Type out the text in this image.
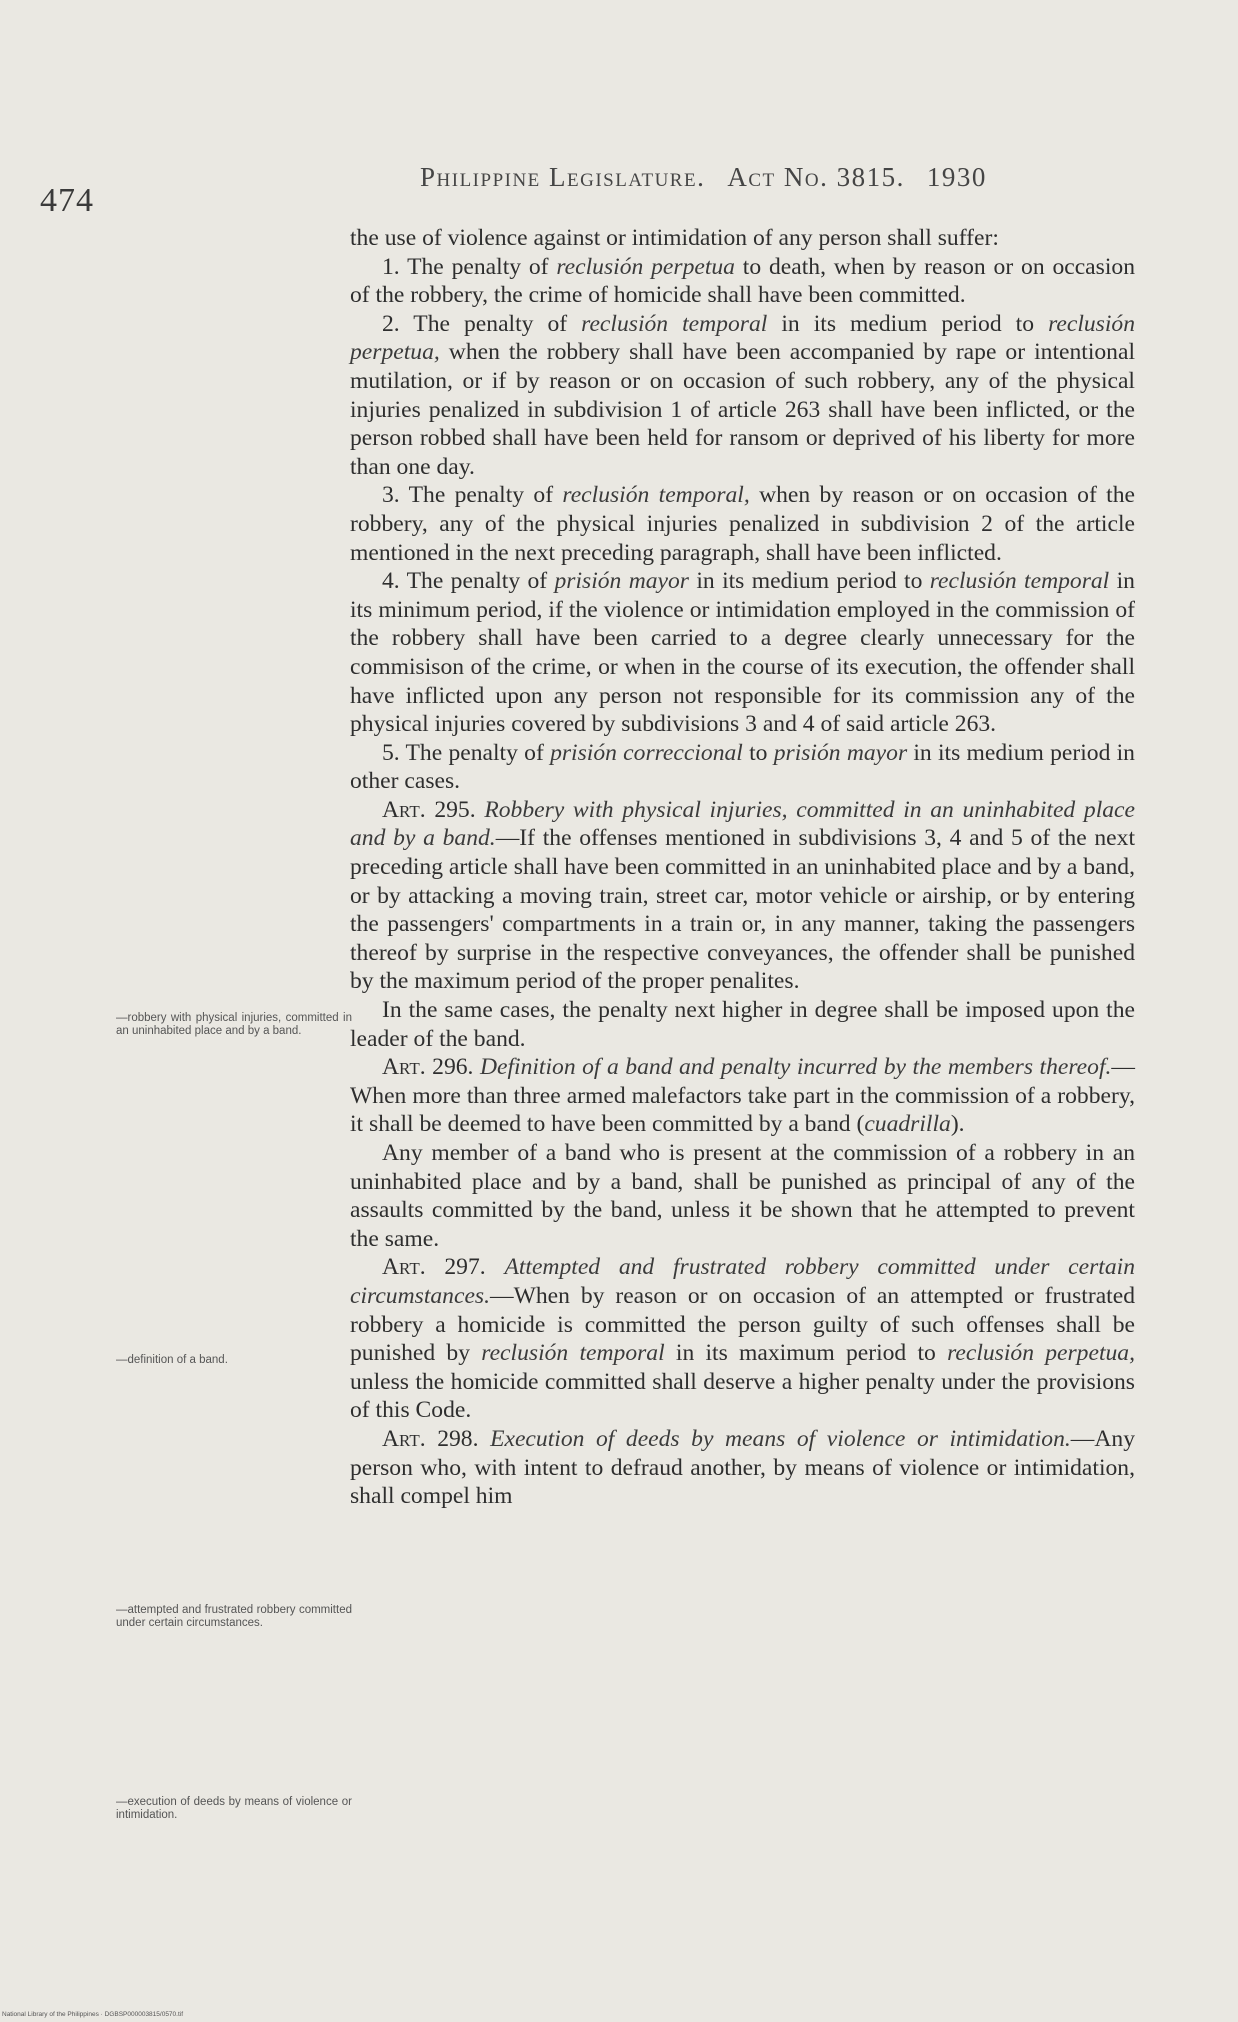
474
Philippine Legislature. Act No. 3815. 1930

the use of violence against or intimidation of any person shall suffer:

1. The penalty of reclusión perpetua to death, when by reason or on occasion of the robbery, the crime of homicide shall have been committed.

2. The penalty of reclusión temporal in its medium period to reclusión perpetua, when the robbery shall have been accompanied by rape or intentional mutilation, or if by reason or on occasion of such robbery, any of the physical injuries penalized in subdivision 1 of article 263 shall have been inflicted, or the person robbed shall have been held for ransom or deprived of his liberty for more than one day.

3. The penalty of reclusión temporal, when by reason or on occasion of the robbery, any of the physical injuries penalized in subdivision 2 of the article mentioned in the next preceding paragraph, shall have been inflicted.

4. The penalty of prisión mayor in its medium period to reclusión temporal in its minimum period, if the violence or intimidation employed in the commission of the robbery shall have been carried to a degree clearly unnecessary for the commisison of the crime, or when in the course of its execution, the offender shall have inflicted upon any person not responsible for its commission any of the physical injuries covered by subdivisions 3 and 4 of said article 263.

5. The penalty of prisión correccional to prisión mayor in its medium period in other cases.

Art. 295. Robbery with physical injuries, committed in an uninhabited place and by a band.—If the offenses mentioned in subdivisions 3, 4 and 5 of the next preceding article shall have been committed in an uninhabited place and by a band, or by attacking a moving train, street car, motor vehicle or airship, or by entering the passengers' compartments in a train or, in any manner, taking the passengers thereof by surprise in the respective conveyances, the offender shall be punished by the maximum period of the proper penalites.

In the same cases, the penalty next higher in degree shall be imposed upon the leader of the band.

Art. 296. Definition of a band and penalty incurred by the members thereof.—When more than three armed malefactors take part in the commission of a robbery, it shall be deemed to have been committed by a band (cuadrilla).

Any member of a band who is present at the commission of a robbery in an uninhabited place and by a band, shall be punished as principal of any of the assaults committed by the band, unless it be shown that he attempted to prevent the same.

Art. 297. Attempted and frustrated robbery committed under certain circumstances.—When by reason or on occasion of an attempted or frustrated robbery a homicide is committed the person guilty of such offenses shall be punished by reclusión temporal in its maximum period to reclusión perpetua, unless the homicide committed shall deserve a higher penalty under the provisions of this Code.

Art. 298. Execution of deeds by means of violence or intimidation.—Any person who, with intent to defraud another, by means of violence or intimidation, shall compel him

—robbery with physical injuries, committed in an uninhabited place and by a band.
—definition of a band.
—attempted and frustrated robbery committed under certain circumstances.
—execution of deeds by means of violence or intimidation.
National Library of the Philippines · DGBSP000003815/0570.tif
